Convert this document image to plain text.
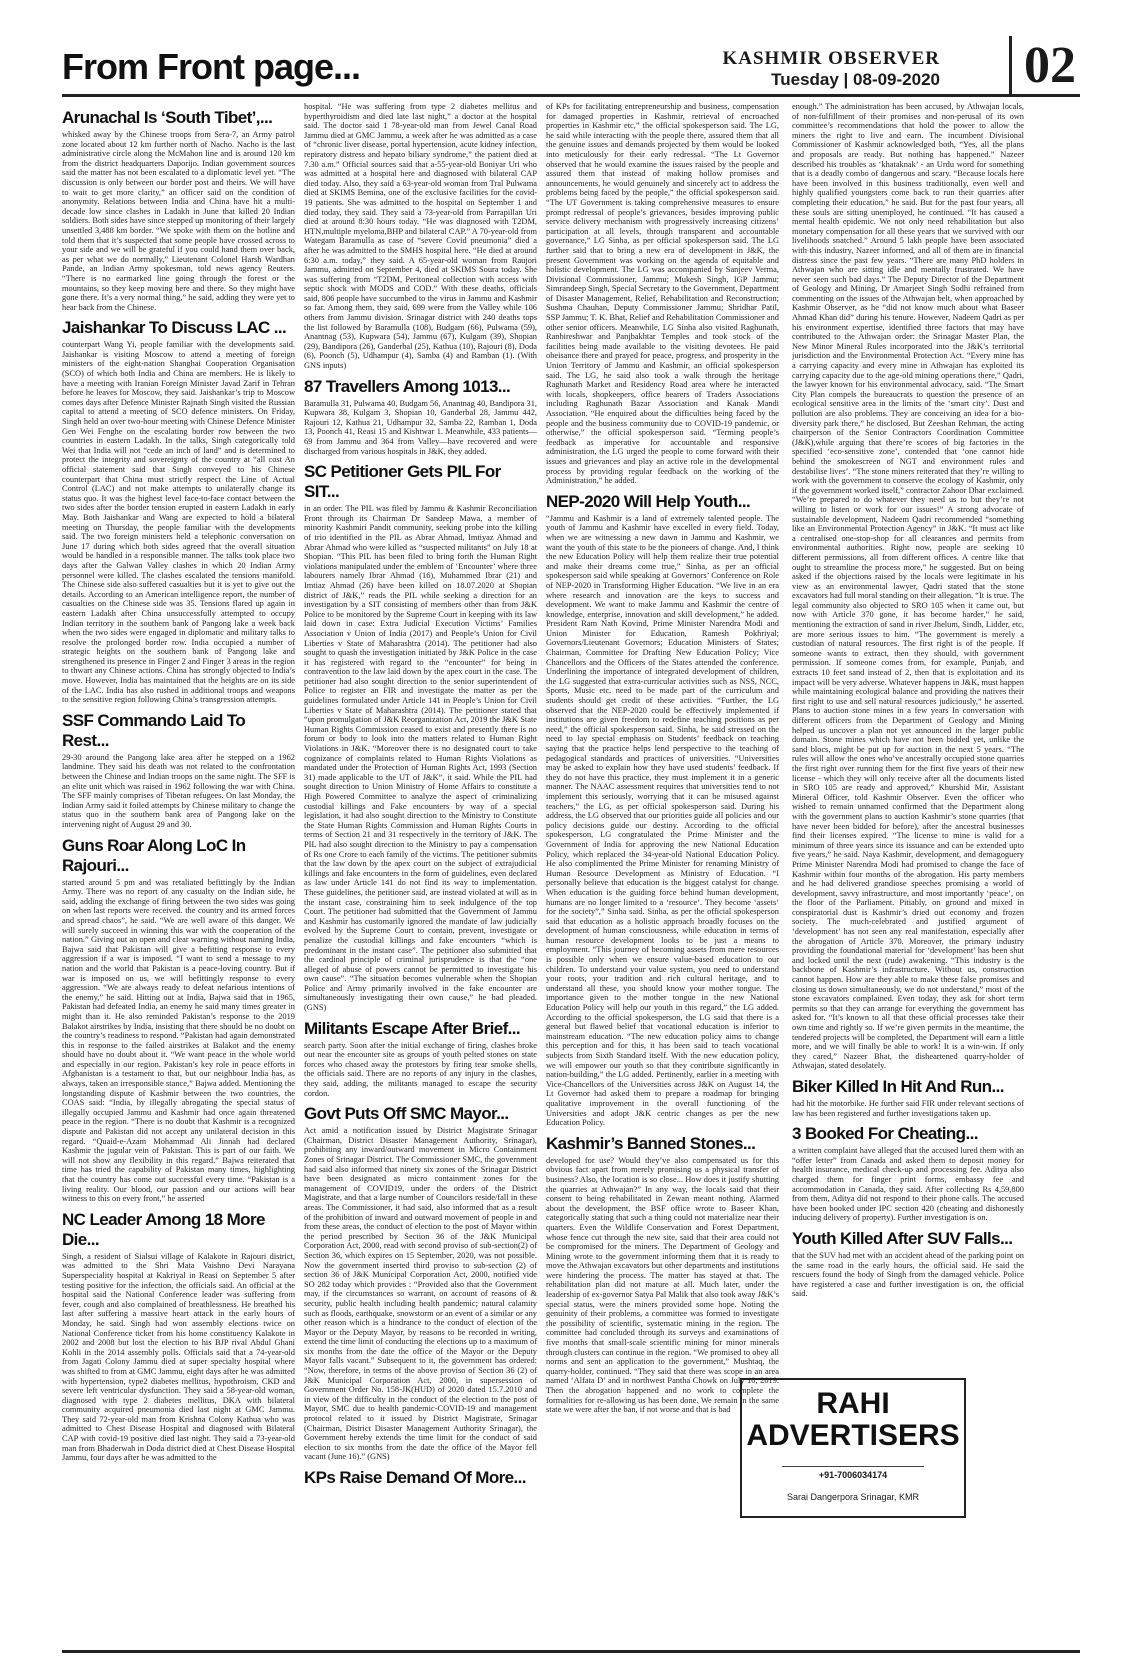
From Front page...	KASHMIR OBSERVER
Tuesday | 08-09-2020 02
Arunachal Is ‘South Tibet’,...
whisked away by the Chinese troops from Sera-7, an Army patrol zone located about 12 km further north of Nacho. Nacho is the last administrative circle along the McMahon line and is around 120 km from the district headquarters Daporijo. Indian government sources said the matter has not been escalated to a diplomatic level yet. “The discussion is only between our border post and theirs. We will have to wait to get more clarity,” an officer said on the condition of anonymity. Relations between India and China have hit a multi-decade low since clashes in Ladakh in June that killed 20 Indian soldiers. Both sides have since stepped up monitoring of their largely unsettled 3,488 km border. “We spoke with them on the hotline and told them that it’s suspected that some people have crossed across to your side and we will be grateful if you could hand them over back, as per what we do normally,” Lieutenant Colonel Harsh Wardhan Pande, an Indian Army spokesman, told news agency Reuters. “There is no earmarked line going through the forest or the mountains, so they keep moving here and there. So they might have gone there. It’s a very normal thing,” he said, adding they were yet to hear back from the Chinese.
Jaishankar To Discuss LAC ...
counterpart Wang Yi, people familiar with the developments said. Jaishankar is visiting Moscow to attend a meeting of foreign ministers of the eight-nation Shanghai Cooperation Organisation (SCO) of which both India and China are members. He is likely to have a meeting with Iranian Foreign Minister Javad Zarif in Tehran before he leaves for Moscow, they said. Jaishankar’s trip to Moscow comes days after Defence Minister Rajnath Singh visited the Russian capital to attend a meeting of SCO defence ministers. On Friday, Singh held an over two-hour meeting with Chinese Defence Minister Gen Wei Fenghe on the escalating border row between the two countries in eastern Ladakh. In the talks, Singh categorically told Wei that India will not “cede an inch of land” and is determined to protect the integrity and sovereignty of the country at “all cost An official statement said that Singh conveyed to his Chinese counterpart that China must strictly respect the Line of Actual Control (LAC) and not make attempts to unilaterally change its status quo. It was the highest level face-to-face contact between the two sides after the border tension erupted in eastern Ladakh in early May. Both Jaishankar and Wang are expected to hold a bilateral meeting on Thursday, the people familiar with the developments said. The two foreign ministers held a telephonic conversation on June 17 during which both sides agreed that the overall situation would be handled in a responsible manner. The talks took place two days after the Galwan Valley clashes in which 20 Indian Army personnel were killed. The clashes escalated the tensions manifold. The Chinese side also suffered casualties but it is yet to give out the details. According to an American intelligence report, the number of casualties on the Chinese side was 35. Tensions flared up again in eastern Ladakh after China unsuccessfully attempted to occupy Indian territory in the southern bank of Pangong lake a week back when the two sides were engaged in diplomatic and military talks to resolve the prolonged border row. India occupied a number of strategic heights on the southern bank of Pangong lake and strengthened its presence in Finger 2 and Finger 3 areas in the region to thwart any Chinese actions. China has strongly objected to India’s move. However, India has maintained that the heights are on its side of the LAC. India has also rushed in additional troops and weapons to the sensitive region following China’s transgression attempts.
SSF Commando Laid To Rest...
29-30 around the Pangong lake area after he stepped on a 1962 landmine. They said his death was not related to the confrontation between the Chinese and Indian troops on the same night. The SFF is an elite unit which was raised in 1962 following the war with China. The SFF mainly comprises of Tibetan refugees. On last Monday, the Indian Army said it foiled attempts by Chinese military to change the status quo in the southern bank area of Pangong lake on the intervening night of August 29 and 30.
Guns Roar Along LoC In Rajouri...
started around 5 pm and was retaliated befittingly by the Indian Army. There was no report of any casualty on the Indian side, he said, adding the exchange of firing between the two sides was going on when last reports were received. the country and its armed forces and spread chaos”, he said. “We are well aware of this danger. We will surely succeed in winning this war with the cooperation of the nation.” Giving out an open and clear warning without naming India, Bajwa said that Pakistan will give a befitting response to every aggression if a war is imposed. “I want to send a message to my nation and the world that Pakistan is a peace-loving country. But if war is imposed on us, we will befittingly response to every aggression. “We are always ready to defeat nefarious intentions of the enemy,” he said. Hitting out at India, Bajwa said that in 1965, Pakistan had defeated India, an enemy he said many times greater in might than it. He also reminded Pakistan’s response to the 2019 Balakot airstrikes by India, insisting that there should be no doubt on the country’s readiness to respond. “Pakistan had again demonstrated this in response to the failed airstrikes at Balakot and the enemy should have no doubt about it. “We want peace in the whole world and especially in our region. Pakistan’s key role in peace efforts in Afghanistan is a testament to that, but our neighbour India has, as always, taken an irresponsible stance,” Bajwa added. Mentioning the longstanding dispute of Kashmir between the two countries, the COAS said: “India, by illegally abrogating the special status of illegally occupied Jammu and Kashmir had once again threatened peace in the region. “There is no doubt that Kashmir is a recognized dispute and Pakistan did not accept any unilateral decision in this regard. “Quaid-e-Azam Mohammad Ali Jinnah had declared Kashmir the jugular vein of Pakistan. This is part of our faith. We will not show any flexibility in this regard.” Bajwa reiterated that time has tried the capability of Pakistan many times, highlighting that the country has come out successful every time. “Pakistan is a living reality. Our blood, our passion and our actions will bear witness to this on every front,” he asserted
NC Leader Among 18 More Die...
Singh, a resident of Sialsui village of Kalakote in Rajouri district, was admitted to the Shri Mata Vaishno Devi Narayana Superspeciality hospital at Kakriyal in Reasi on September 5 after testing positive for the infection, the officials said. An official at the hospital said the National Conference leader was suffering from fever, cough and also complained of breathlessness. He breathed his last after suffering a massive heart attack in the early hours of Monday, he said. Singh had won assembly elections twice on National Conference ticket from his home constituency Kalakote in 2002 and 2008 but lost the election to his BJP rival Abdul Ghani Kohli in the 2014 assembly polls. Officials said that a 74-year-old from Jagati Colony Jammu died at super specialty hospital where was shifted to from at GMC Jammu, eight days after he was admitted with hypertension, type2 diabetes mellitus, hypothroism, CKD and severe left ventricular dysfunction. They said a 58-year-old woman, diagnosed with type 2 diabetes mellitus, DKA with bilateral community acquired pneumonia died last night at GMC Jammu. They said 72-year-old man from Krishna Colony Kathua who was admitted to Chest Disease Hospital and diagnosed with Bilateral CAP with covid-19 positive died last night. They said a 73-year-old man from Bhaderwah in Doda district died at Chest Disease Hospital Jammu, four days after he was admitted to the
hospital. “He was suffering from type 2 diabetes mellitus and hyperthyroidism and died late last night,” a doctor at the hospital said. The doctor said 1 78-year-old man from Jewel Canal Road Jammu died at GMC Jammu, a week after he was admitted as a case of “chronic liver disease, portal hypertension, acute kidney infection, repiratory distress and hepato biliary syndrome,” the patient died at 7.30 a.m.” Official sources said that a-55-year-old Boniyar Uri who was admitted at a hospital here and diagnosed with bilateral CAP died today. Also, they said a 63-year-old woman from Tral Pulwama died at SKIMS Bemina, one of the exclusive facilities for the covid-19 patients. She was admitted to the hospital on September 1 and died today, they said. They said a 73-year-old from Parrapillan Uri died at around 8:30 hours today. “He was diagnosed with T2DM, HTN,multiple myeloma,BHP and bilateral CAP.” A 70-year-old from Wategam Baramulla as case of “severe Covid pneumonia” died a after he was admitted to the SMHS hospital here. “He died at around 6:30 a.m. today,” they said. A 65-year-old woman from Raujori Jammu, admitted on September 4, died at SKIMS Soura today. She was suffering from “T2DM, Peritoneal collection with access with septic shock with MODS and COD.” With these deaths, officials said, 806 people have succumbed to the virus in Jammu and Kashmir so far. Among them, they said, 699 were from the Valley while 106 others from Jammu division. Srinagar district with 240 deaths tops the list followed by Baramulla (108), Budgam (66), Pulwama (59), Anantnag (53), Kupwara (54), Jammu (67), Kulgam (39), Shopian (29), Bandipora (26), Ganderbal (25), Kathua (10), Rajouri (8), Doda (6), Poonch (5), Udhampur (4), Samba (4) and Ramban (1). (With GNS inputs)
87 Travellers Among 1013...
Baramulla 31, Pulwama 40, Budgam 56, Anantnag 40, Bandipora 31, Kupwara 38, Kulgam 3, Shopian 10, Ganderbal 28, Jammu 442, Rajouri 12, Kathua 21, Udhampur 32, Samba 22, Ramban 1, Doda 13, Poonch 41, Reasi 15 and Kishtwar 1. Meanwhile, 433 patients—69 from Jammu and 364 from Valley—have recovered and were discharged from various hospitals in J&K, they added.
SC Petitioner Gets PIL For SIT...
in an order. The PIL was filed by Jammu & Kashmir Reconciliation Front through its Chairman Dr Sandeep Mawa, a member of minority Kashmiri Pandit community, seeking probe into the killing of trio identified in the PIL as Abrar Ahmad, Imtiyaz Ahmad and Abrar Ahmad who were killed as “suspected militants” on July 18 at Shopian. “This PIL has been filed to bring forth the Human Right violations manipulated under the emblem of ‘Encounter’ where three labourers namely Ibrar Ahmad (16), Muhammed Ibrar (21) and Imtiaz Ahmad (26) have been killed on 18.07.2020 at Shopian district of J&K,” reads the PIL while seeking a direction for an investigation by a SIT consisting of members other than from J&K Police to be monitored by the Supreme Court in keeping with its law laid down in case: Extra Judicial Execution Victims’ Families Association v Union of India (2017) and People’s Union for Civil Liberties v State of Maharashtra (2014). The petitioner had also sought to quash the investigation initiated by J&K Police in the case it has registered with regard to the “encounter” for being in contravention to the law laid down by the apex court in the case. The petitioner had also sought direction to the senior superintendent of Police to register an FIR and investigate the matter as per the guidelines formulated under Article 141 in People’s Union for Civil Liberties v State of Maharashtra (2014). The petitioner stated that “upon promulgation of J&K Reorganization Act, 2019 the J&K State Human Rights Commission ceased to exist and presently there is no forum or body to look into the matters related to Human Right Violations in J&K. “Moreover there is no designated court to take cognizance of complaints related to Human Rights Violations as mandated under the Protection of Human Rights Act, 1993 (Section 31) made applicable to the UT of J&K”, it said. While the PIL had sought direction to Union Ministry of Home Affairs to constitute a High Powered Committee to analyze the aspect of criminalizing custodial killings and Fake encounters by way of a special legislation, it had also sought direction to the Ministry to Constitute the State Human Rights Commission and Human Rights Courts in terms of Section 21 and 31 respectively in the territory of J&K. The PIL had also sought direction to the Ministry to pay a compensation of Rs one Crore to each family of the victims. The petitioner submits that the law down by the apex court on the subject of extrajudicial killings and fake encounters in the form of guidelines, even declared as law under Article 141 do not find its way to implementation. These guidelines, the petitioner said, are instead violated at will as in the instant case, constraining him to seek indulgence of the top Court. The petitioner had submitted that the Government of Jammu and Kashmir has customarily ignored the mandate of law judicially evolved by the Supreme Court to contain, prevent, investigate or penalize the custodial killings and fake encounters “which is predominant in the instant case”. The petitioner also submitted that the cardinal principle of criminal jurisprudence is that the “one alleged of abuse of powers cannot be permitted to investigate his own cause”. “The situation becomes vulnerable when the Shopian Police and Army primarily involved in the fake encounter are simultaneously investigating their own cause,” he had pleaded. (GNS)
Militants Escape After Brief...
search party. Soon after the initial exchange of firing, clashes broke out near the encounter site as groups of youth pelted stones on state forces who chased away the protestors by firing tear smoke shells, the officials said. There are no reports of any injury in the clashes, they said, adding, the militants managed to escape the security cordon.
Govt Puts Off SMC Mayor...
Act amid a notification issued by District Magistrate Srinagar (Chairman, District Disaster Management Authority, Srinagar), prohibiting any inward/outward movement in Micro Containment Zones of Srinagar District. The Commissioner SMC, the government had said also informed that ninety six zones of the Srinagar District have been designated as micro containment zones for the management of COVID19, under the orders of the District Magistrate, and that a large number of Councilors reside/fall in these areas. The Commissioner, it had said, also informed that as a result of the prohibition of inward and outward movement of people in and from these areas, the conduct of election to the post of Mayor within the period prescribed by Section 36 of the J&K Municipal Corporation Act, 2000, read with second proviso of sub-section(2) of Section 36, which expires on 15 September, 2020, was not possible. Now the government inserted third proviso to sub-section (2) of section 36 of J&K Municipal Corporation Act, 2000, notified vide SO 282 today which provides : “Provided also that the Government may, if the circumstances so warrant, on account of reasons of & security, public health including health pandemic; natural calamity such as floods, earthquake, snowstorm or an event of a similar or any other reason which is a hindrance to the conduct of election of the Mayor or the Deputy Mayor, by reasons to be recorded in writing, extend the time limit of conducting the elections up to a maximum of six months from the date the office of the Mayor or the Deputy Mayor falls vacant.” Subsequent to it, the government has ordered: “Now, therefore, in terms of the above proviso of Section 36 (2) of J&K Municipal Corporation Act, 2000, in supersession of Government Order No. 158-JK(HUD) of 2020 dated 15.7.2010 and in view of the difficulty in the conduct of the election to the post of Mayor, SMC due to health pandemic-COVID-19 and management protocol related to it issued by District Magistrate, Srinagar (Chairman, District Disaster Management Authority Srinagar), the Government hereby extends the time limit for the conduct of said election to six months from the date the office of the Mayor fell vacant (June 16).” (GNS)
KPs Raise Demand Of More...
of KPs for facilitating entrepreneurship and business, compensation for damaged properties in Kashmir, retrieval of encroached properties in Kashmir etc,” the official spokesperson said. The LG, he said while interacting with the people there, assured them that all the genuine issues and demands projected by them would be looked into meticulously for their early redressal. “The Lt Governor observed that he would examine the issues raised by the people and assured them that instead of making hollow promises and announcements, he would genuinely and sincerely act to address the problems being faced by the people,” the official spokesperson said. “The UT Government is taking comprehensive measures to ensure prompt redressal of people’s grievances, besides improving public service delivery mechanism with progressively increasing citizens’ participation at all levels, through transparent and accountable governance,” LG Sinha, as per official spokesperson said. The LG further said that to bring a new era of development in J&K, the present Government was working on the agenda of equitable and holistic development. The LG was accompanied by Sanjeev Verma, Divisional Commissioner, Jammu; Mukesh Singh, IGP Jammu; Simrandeep Singh, Special Secretary to the Government, Department of Disaster Management, Relief, Rehabilitation and Reconstruction; Sushma Chauhan, Deputy Commissioner Jammu; Shridhar Patil, SSP Jammu; T. K. Bhat, Relief and Rehabilitation Commissioner and other senior officers. Meanwhile, LG Sinha also visited Raghunath, Ranbireshwar and Panjbakhtar Temples and took stock of the facilities being made available to the visiting devotees. He paid obeisance there and prayed for peace, progress, and prosperity in the Union Territory of Jammu and Kashmir, an official spokesperson said. The LG, he said also took a walk through the heritage Raghunath Market and Residency Road area where he interacted with locals, shopkeepers, office bearers of Traders Associations including Raghunath Bazar Association and Kanak Mandi Association. “He enquired about the difficulties being faced by the people and the business community due to COVID-19 pandemic, or otherwise,” the official spokesperson said. “Terming people’s feedback as imperative for accountable and responsive administration, the LG urged the people to come forward with their issues and grievances and play an active role in the developmental process by providing regular feedback on the working of the Administration,” he added.
NEP-2020 Will Help Youth...
“Jammu and Kashmir is a land of extremely talented people. The youth of Jammu and Kashmir have excelled in every field. Today, when we are witnessing a new dawn in Jammu and Kashmir, we want the youth of this state to be the pioneers of change. And, I think the new Education Policy will help them realize their true potential and make their dreams come true,” Sinha, as per an official spokesperson said while speaking at Governors’ Conference on Role of NEP-2020 in Transforming Higher Education. “We live in an era where research and innovation are the keys to success and development. We want to make Jammu and Kashmir the centre of knowledge, enterprise, innovation and skill development,” he added. President Ram Nath Kovind, Prime Minister Narendra Modi and Union Minister for Education, Ramesh Pokhriyal; Governors/Lieutenant Governors; Education Ministers of States; Chairman, Committee for Drafting New Education Policy; Vice Chancellors and the Officers of the States attended the conference. Underlining the importance of integrated development of children, the LG suggested that extra-curricular activities such as NSS, NCC, Sports, Music etc. need to be made part of the curriculum and students should get credit of these activities. “Further, the LG observed that the NEP-2020 could be effectively implemented if institutions are given freedom to redefine teaching positions as per need,” the official spokesperson said. Sinha, he said stressed on the need to lay special emphasis on Students’ feedback on teaching saying that the practice helps lend perspective to the teaching of pedagogical standards and practices of universities. “Universities may be asked to explain how they have used students’ feedback. If they do not have this practice, they must implement it in a generic manner. The NAAC assessment requires that universities tend to not implement this seriously, worrying that it can be misused against teachers,” the LG, as per official spokesperson said. During his address, the LG observed that our priorities guide all policies and our policy decisions guide our destiny. According to the official spokesperson, LG congratulated the Prime Minister and the Government of India for approving the new National Education Policy, which replaced the 34-year-old National Education Policy. He also complimented the Prime Minister for renaming Ministry of Human Resource Development as Ministry of Education. “I personally believe that education is the biggest catalyst for change. When education is the guiding force behind human development, humans are no longer limited to a ‘resource’. They become ‘assets’ for the society”,” Sinha said. Sinha, as per the official spokesperson said that education as a holistic approach broadly focuses on the development of human consciousness, while education in terms of human resource development looks to be just a means to employment. “This journey of becoming assets from mere resources is possible only when we ensure value-based education to our children. To understand your value system, you need to understand your roots, your tradition and rich cultural heritage, and to understand all these, you should know your mother tongue. The importance given to the mother tongue in the new National Education Policy will help our youth in this regard,” the LG added. According to the official spokesperson, the LG said that there is a general but flawed belief that vocational education is inferior to mainstream education. “The new education policy aims to change this perception and for this, it has been said to teach vocational subjects from Sixth Standard itself. With the new education policy, we will empower our youth so that they contribute significantly in nation-building,” the LG added. Pertinently, earlier in a meeting with Vice-Chancellors of the Universities across J&K on August 14, the Lt Governor had asked them to prepare a roadmap for bringing qualitative improvement in the overall functioning of the Universities and adopt J&K centric changes as per the new Education Policy.
Kashmir’s Banned Stones...
developed for use? Would they’ve also compensated us for this obvious fact apart from merely promising us a physical transfer of business? Also, the location is so close... How does it justify shutting the quarries at Athwajan?” In any way, the locals said that their consent to being rehabilitated in Zewan meant nothing. Alarmed about the development, the BSF office wrote to Baseer Khan, categorically stating that such a thing could not materialize near their quarters. Even the Wildlife Conservation and Forest Department, whose fence cut through the new site, said that their area could not be compromised for the miners. The Department of Geology and Mining wrote to the government informing them that it is ready to move the Athwajan excavators but other departments and institutions were hindering the process. The matter has stayed at that. The rehabilitation plan did not mature at all. Much later, under the leadership of ex-governor Satya Pal Malik that also took away J&K’s special status, were the miners provided some hope. Noting the genuinity of their problems, a committee was formed to investigate the possibility of scientific, systematic mining in the region. The committee had concluded through its surveys and examinations of five months that small-scale scientific mining for minor minerals through clusters can continue in the region. “We promised to obey all norms and sent an application to the government,” Mushtaq, the quarry-holder, continued. “They said that there was scope in an area named ‘Alfata D’ and in northwest Pantha Chowk on July 10, 2019. Then the abrogation happened and no work to complete the formalities for re-allowing us has been done. We remain in the same state we were after the ban, if not worse and that is bad
enough.” The administration has been accused, by Athwajan locals, of non-fulfillment of their promises and non-perusal of its own committee’s recommendations that hold the power to allow the miners the right to live and earn. The incumbent Divisional Commissioner of Kashmir acknowledged both, “Yes, all the plans and proposals are ready. But nothing has happened.” Nazeer described his troubles as ‘khataknak’ - an Urdu word for something that is a deadly combo of dangerous and scary. “Because locals here have been involved in this business traditionally, even well and highly qualified youngsters come back to run their quarries after completing their education,” he said. But for the past four years, all these souls are sitting unemployed, he continued. “It has caused a mental health epidemic. We not only need rehabilitation but also monetary compensation for all these years that we survived with our livelihoods snatched.” Around 5 lakh people have been associated with this industry, Nazeer informed, and all of them are in financial distress since the past few years. “There are many PhD holders in Athwajan who are sitting idle and mentally frustrated. We have never seen such bad days.” The Deputy Director of the Department of Geology and Mining, Dr Amarjeet Singh Sodhi refrained from commenting on the issues of the Athwajan belt, when approached by Kashmir Observer, as he “did not know much about what Baseer Ahmad Khan did” during his tenure. However, Nadeem Qadri as per his environment expertise, identified three factors that may have contributed to the Athwajan order: the Srinagar Master Plan, the New Minor Mineral Rules incorporated into the J&K’s territorial jurisdiction and the Environmental Protection Act. “Every mine has a carrying capacity and every mine in Athwajan has exploited its carrying capacity due to the age-old mining operations there,” Qadri, the lawyer known for his environmental advocacy, said. “The Smart City Plan compels the bureaucrats to question the presence of an ecological sensitive area in the limits of the ‘smart city’. Dust and pollution are also problems. They are conceiving an idea for a bio-diversity park there,” he disclosed. But Zeeshan Rehman, the acting chairperson of the Senior Contractors Coordination Committee (J&K),while arguing that there’re scores of big factories in the specified ‘eco-sensitive zone’, contended that ‘one cannot hide behind the smokescreen of NGT and environment rules and destabilise lives’. “The stone miners reiterated that they’re willing to work with the government to conserve the ecology of Kashmir, only if the government worked itself,” contractor Zahoor Dhar exclaimed. “We’re prepared to do whatever they need us to but they’re not willing to listen or work for our issues!” A strong advocate of sustainable development, Nadeem Qadri recommended “something like an Environmental Protection Agency” in J&K. “It must act like a centralised one-stop-shop for all clearances and permits from environmental authorities. Right now, people are seeking 10 different permissions, all from different offices. A centre like that ought to streamline the process more,” he suggested. But on being asked if the objections raised by the locals were legitimate in his view as an environmental lawyer, Qadri stated that the stone excavators had full moral standing on their allegation. “It is true. The legal community also objected to SRO 105 when it came out, but now with Article 370 gone, it has become harder,” he said, mentioning the extraction of sand in river Jhelum, Sindh, Lidder, etc, are more serious issues to him. “The government is merely a custodian of natural resources. The first right is of the people. If someone wants to extract, then they should, with government permission. If someone comes from, for example, Punjab, and extracts 10 feet sand instead of 2, then that is exploitation and its impact will be very adverse. Whatever happens in J&K, must happen while maintaining ecological balance and providing the natives their first right to use and sell natural resources judiciously,” he asserted. Plans to auction stone mines in a few years In conversation with different officers from the Department of Geology and Mining helped us uncover a plan not yet announced in the larger public domain. Stone mines which have not been bidded yet, unlike the sand blocs, might be put up for auction in the next 5 years. “The rules will allow the ones who’ve ancestrally occupied stone quarries the first right over running them for the first five years of their new license - which they will only receive after all the documents listed in SRO 105 are ready and approved,” Khurshid Mir, Assistant Mineral Officer, told Kashmir Observer. Even the officer who wished to remain unnamed confirmed that the Department along with the government plans to auction Kashmir’s stone quarries (that have never been bidded for before), after the ancestral businesses find their licenses expired. “The license to mine is valid for a minimum of three years since its issuance and can be extended upto five years,” he said. Naya Kashmir, development, and demagoguery Prime Minister Narendra Modi had promised to change the face of Kashmir within four months of the abrogation. His party members and he had delivered grandiose speeches promising a world of development, savvy infrastructure, and most importantly ‘peace’, on the floor of the Parliament. Pitiably, on ground and mixed in conspiratorial dust is Kashmir’s dried out economy and frozen society. The much-celebrated and justified argument of ‘development’ has not seen any real manifestation, especially after the abrogation of Article 370. Moreover, the primary industry providing the foundational material for ‘development’ has been shut and locked until the next (rude) awakening. “This industry is the backbone of Kashmir’s infrastructure. Without us, construction cannot happen. How are they able to make these false promises and closing us down simultaneously, we do not understand,” most of the stone excavators complained. Even today, they ask for short term permits so that they can arrange for everything the government has asked for. “It’s known to all that these official processes take their own time and rightly so. If we’re given permits in the meantime, the tendered projects will be completed, the Department will earn a little more, and we will finally be able to work! It is a win-win. If only they cared,” Nazeer Bhat, the disheartened quarry-holder of Athwajan, stated desolately.
Biker Killed In Hit And Run...
had hit the motorbike. He further said FIR under relevant sections of law has been registered and further investigations taken up.
3 Booked For Cheating...
a written complaint have alleged that the accused lured them with an “offer letter” from Canada and asked them to deposit money for health insurance, medical check-up and processing fee. Aditya also charged them for finger print forms, embassy fee and accommodation in Canada, they said. After collecting Rs 4,59,800 from them, Aditya did not respond to their phone calls. The accused have been booked under IPC section 420 (cheating and dishonestly inducing delivery of property). Further investigation is on.
Youth Killed After SUV Falls...
that the SUV had met with an accident ahead of the parking point on the same road in the early hours, the official said. He said the rescuers found the body of Singh from the damaged vehicle. Police have registered a case and further investigation is on, the official said.
RAHI
ADVERTISERS
+91-7006034174
Sarai Dangerpora Srinagar, KMR
